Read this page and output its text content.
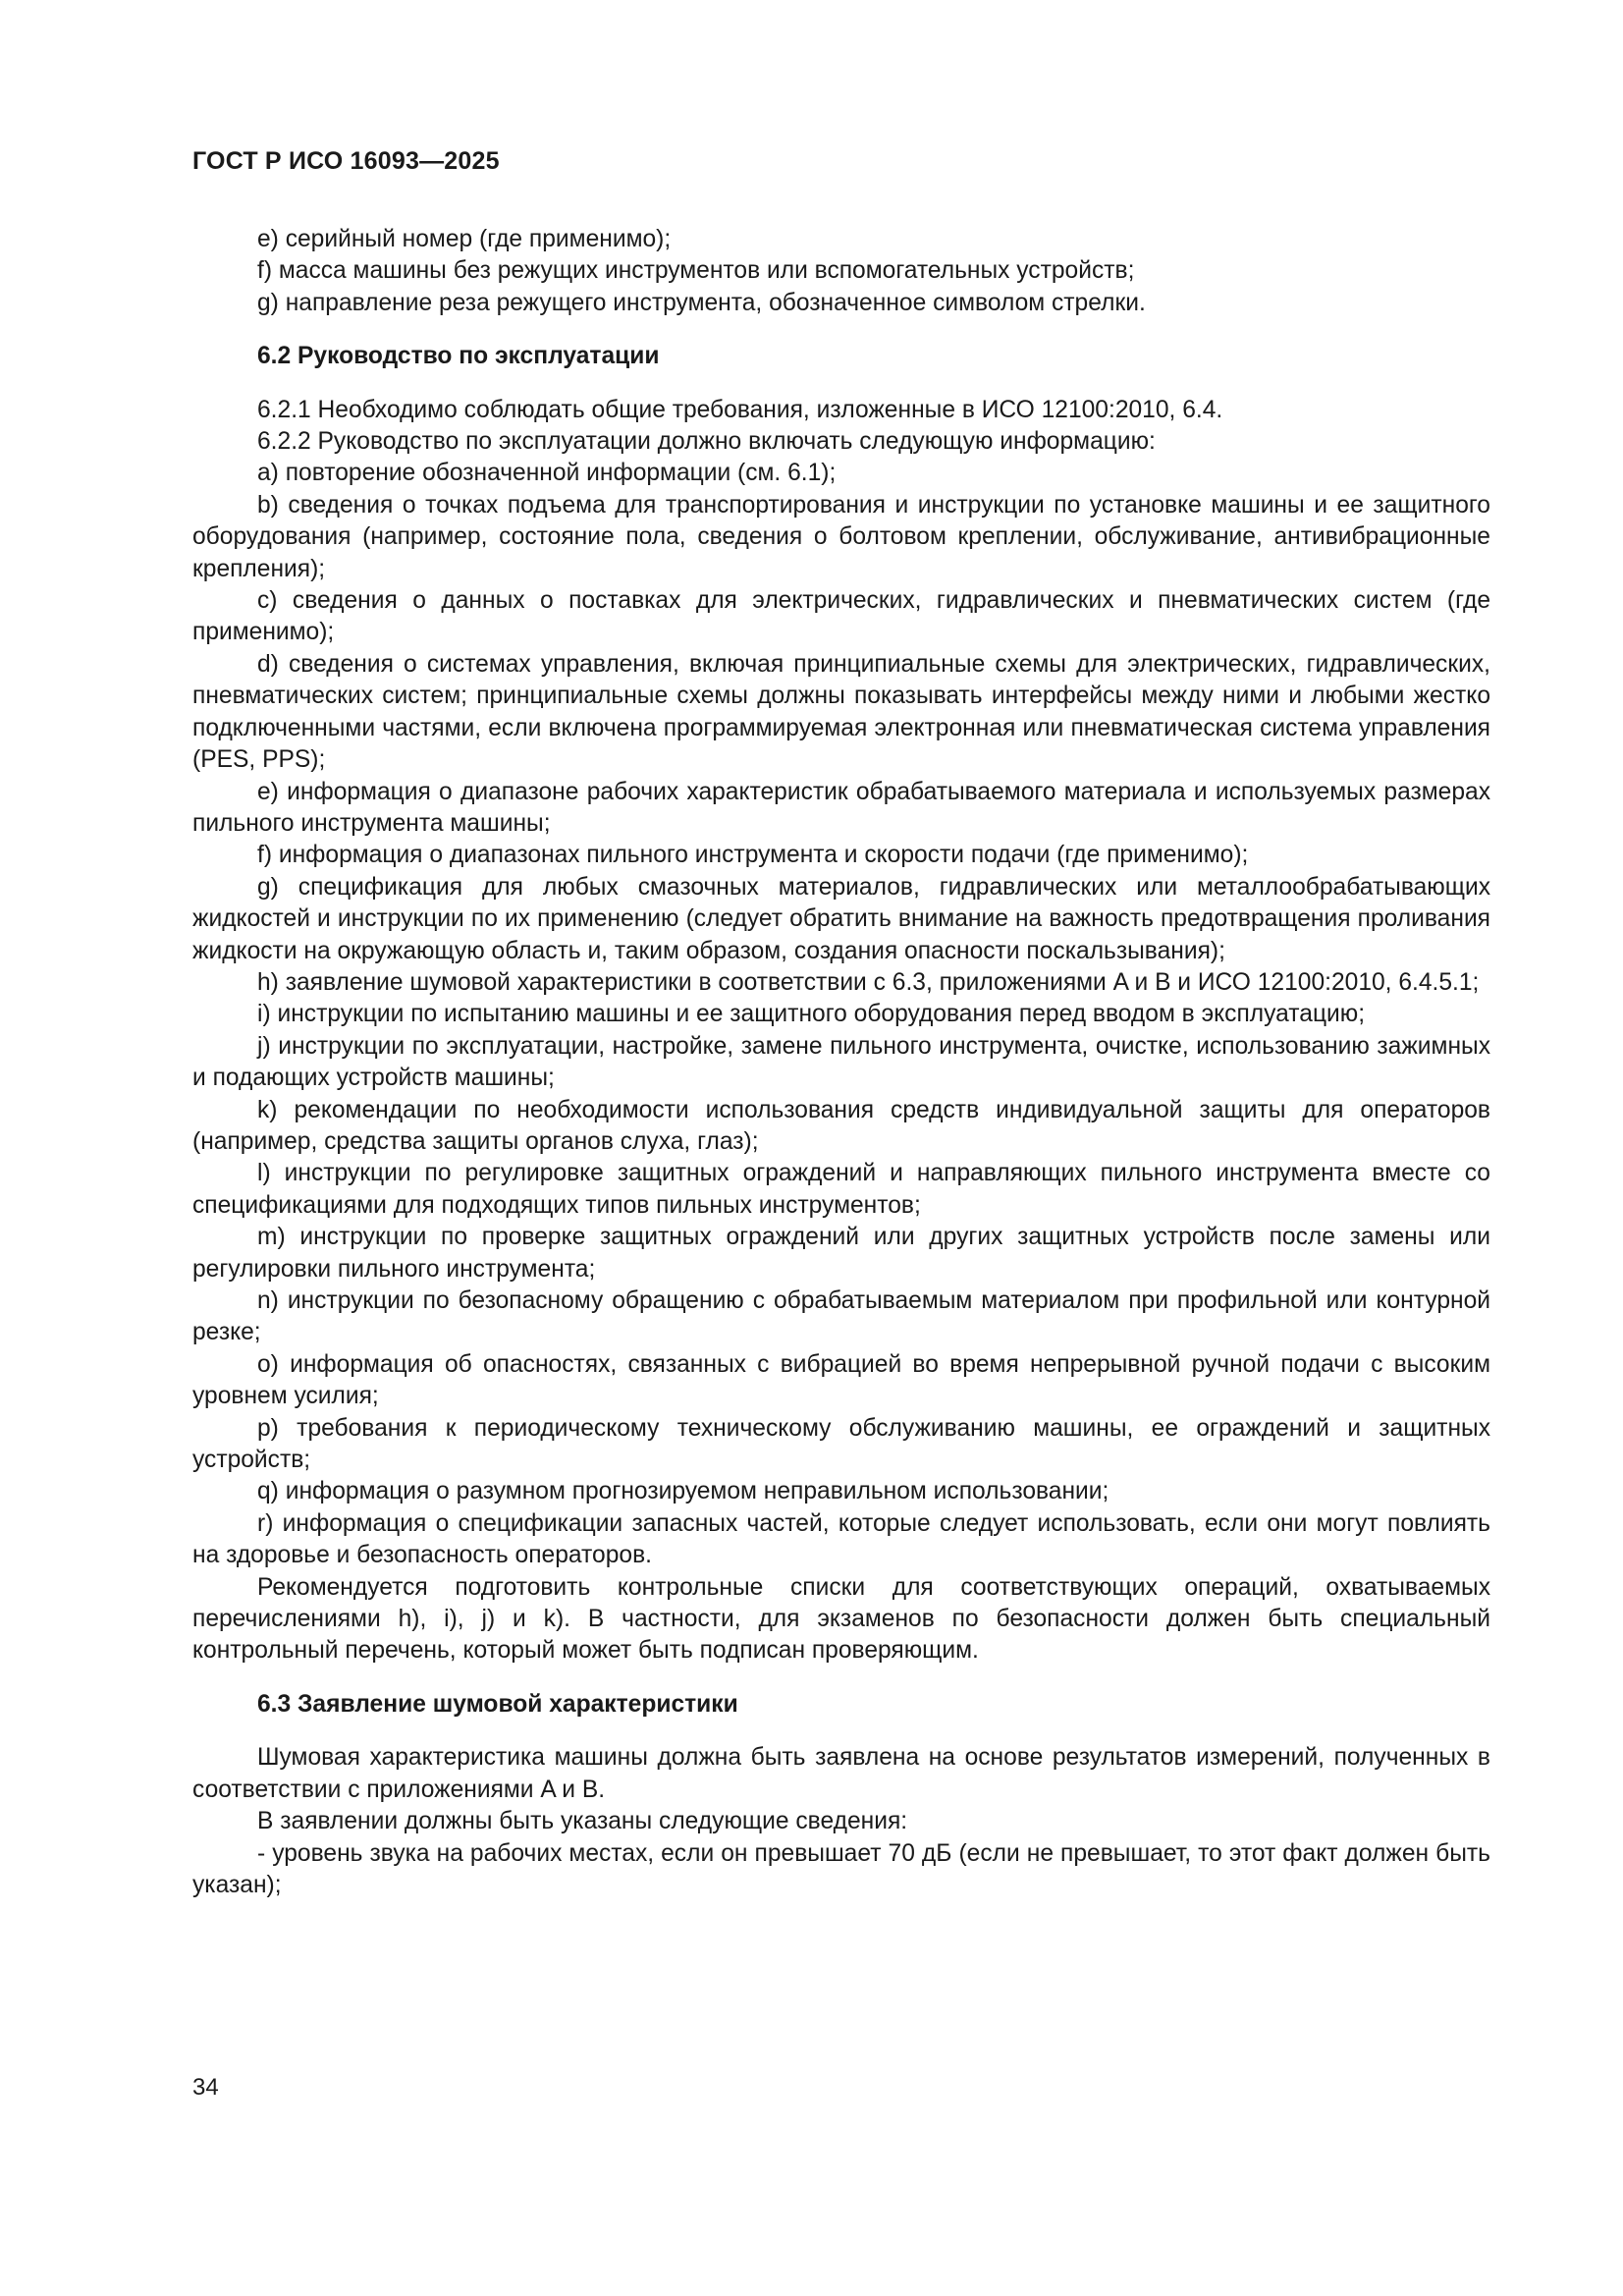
ГОСТ Р ИСО 16093—2025

e) серийный номер (где применимо);

f) масса машины без режущих инструментов или вспомогательных устройств;

g) направление реза режущего инструмента, обозначенное символом стрелки.

6.2 Руководство по эксплуатации

6.2.1 Необходимо соблюдать общие требования, изложенные в ИСО 12100:2010, 6.4.

6.2.2 Руководство по эксплуатации должно включать следующую информацию:

a) повторение обозначенной информации (см. 6.1);

b) сведения о точках подъема для транспортирования и инструкции по установке машины и ее защитного оборудования (например, состояние пола, сведения о болтовом креплении, обслуживание, антивибрационные крепления);

c) сведения о данных о поставках для электрических, гидравлических и пневматических систем (где применимо);

d) сведения о системах управления, включая принципиальные схемы для электрических, гидравлических, пневматических систем; принципиальные схемы должны показывать интерфейсы между ними и любыми жестко подключенными частями, если включена программируемая электронная или пневматическая система управления (PES, PPS);

e) информация о диапазоне рабочих характеристик обрабатываемого материала и используемых размерах пильного инструмента машины;

f) информация о диапазонах пильного инструмента и скорости подачи (где применимо);

g) спецификация для любых смазочных материалов, гидравлических или металлообрабатывающих жидкостей и инструкции по их применению (следует обратить внимание на важность предотвращения проливания жидкости на окружающую область и, таким образом, создания опасности поскальзывания);

h) заявление шумовой характеристики в соответствии с 6.3, приложениями A и B и ИСО 12100:2010, 6.4.5.1;

i) инструкции по испытанию машины и ее защитного оборудования перед вводом в эксплуатацию;

j) инструкции по эксплуатации, настройке, замене пильного инструмента, очистке, использованию зажимных и подающих устройств машины;

k) рекомендации по необходимости использования средств индивидуальной защиты для операторов (например, средства защиты органов слуха, глаз);

l) инструкции по регулировке защитных ограждений и направляющих пильного инструмента вместе со спецификациями для подходящих типов пильных инструментов;

m) инструкции по проверке защитных ограждений или других защитных устройств после замены или регулировки пильного инструмента;

n) инструкции по безопасному обращению с обрабатываемым материалом при профильной или контурной резке;

o) информация об опасностях, связанных с вибрацией во время непрерывной ручной подачи с высоким уровнем усилия;

p) требования к периодическому техническому обслуживанию машины, ее ограждений и защитных устройств;

q) информация о разумном прогнозируемом неправильном использовании;

r) информация о спецификации запасных частей, которые следует использовать, если они могут повлиять на здоровье и безопасность операторов.

Рекомендуется подготовить контрольные списки для соответствующих операций, охватываемых перечислениями h), i), j) и k). В частности, для экзаменов по безопасности должен быть специальный контрольный перечень, который может быть подписан проверяющим.

6.3 Заявление шумовой характеристики

Шумовая характеристика машины должна быть заявлена на основе результатов измерений, полученных в соответствии с приложениями A и B.

В заявлении должны быть указаны следующие сведения:

- уровень звука на рабочих местах, если он превышает 70 дБ (если не превышает, то этот факт должен быть указан);

34
